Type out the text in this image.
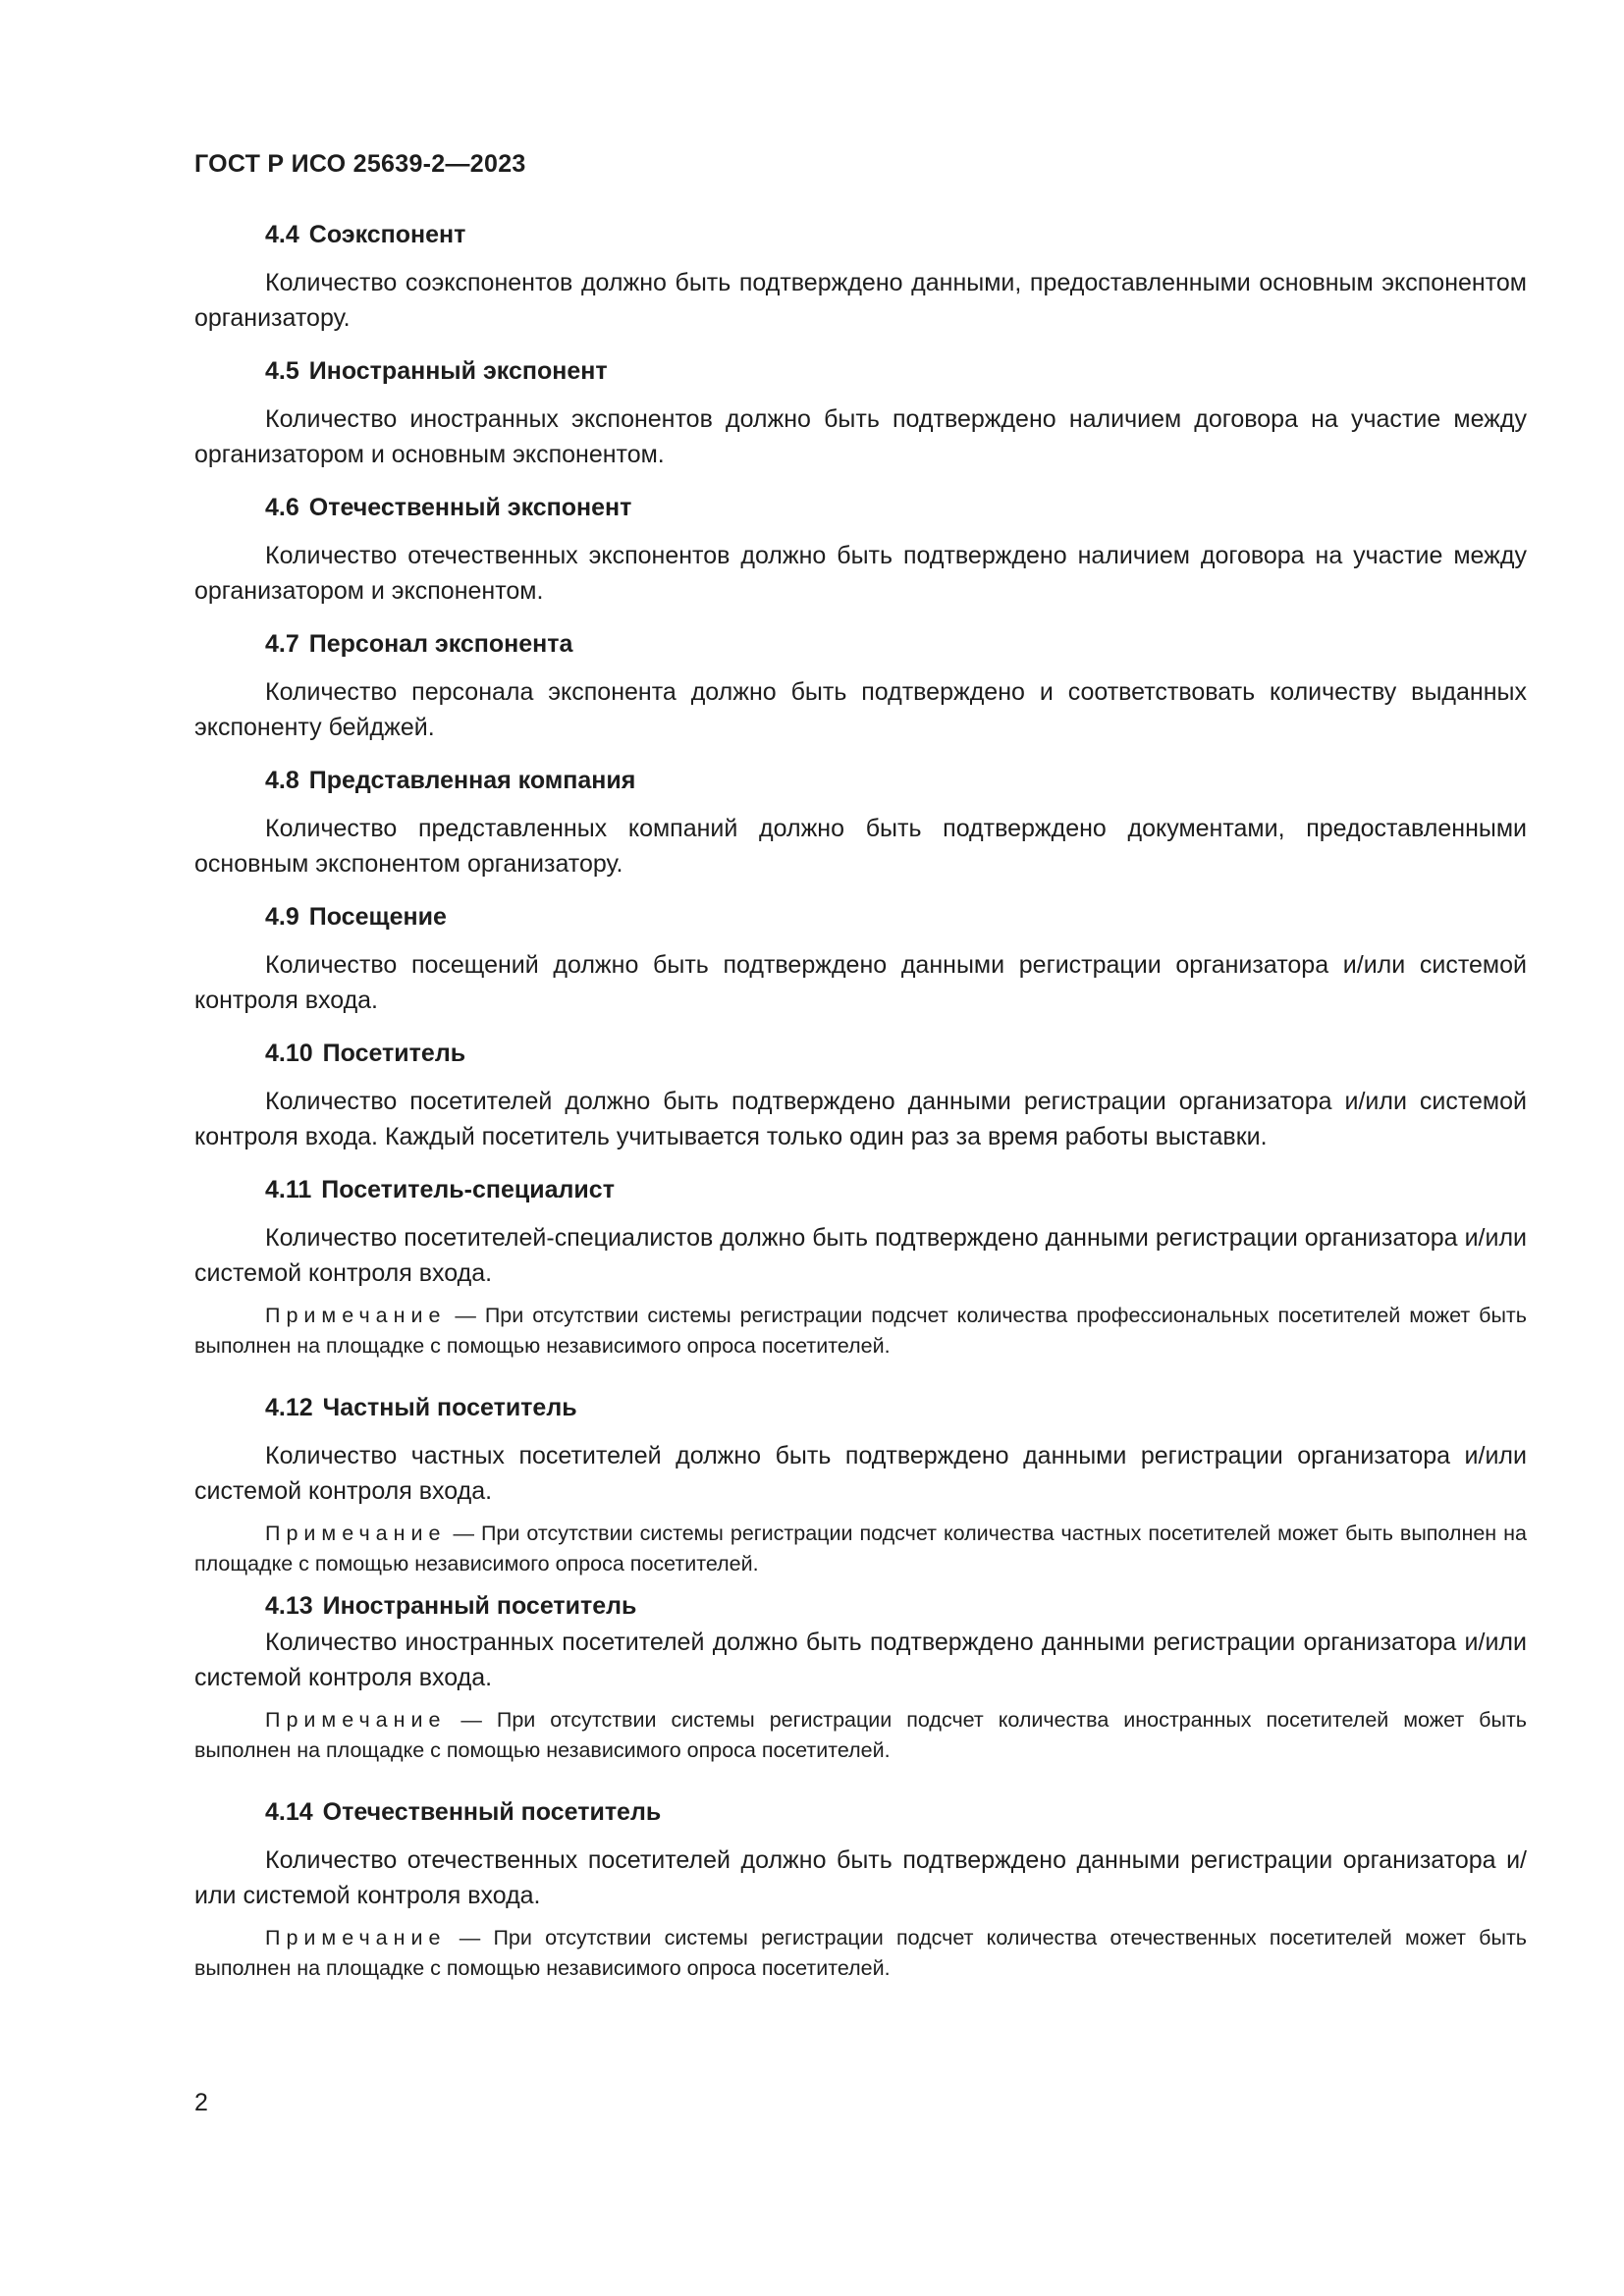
ГОСТ Р ИСО 25639-2—2023
4.4 Соэкспонент

Количество соэкспонентов должно быть подтверждено данными, предоставленными основным экспонентом организатору.

4.5 Иностранный экспонент

Количество иностранных экспонентов должно быть подтверждено наличием договора на участие между организатором и основным экспонентом.

4.6 Отечественный экспонент

Количество отечественных экспонентов должно быть подтверждено наличием договора на участие между организатором и экспонентом.

4.7 Персонал экспонента

Количество персонала экспонента должно быть подтверждено и соответствовать количеству выданных экспоненту бейджей.

4.8 Представленная компания

Количество представленных компаний должно быть подтверждено документами, предоставленными основным экспонентом организатору.

4.9 Посещение

Количество посещений должно быть подтверждено данными регистрации организатора и/или системой контроля входа.

4.10 Посетитель

Количество посетителей должно быть подтверждено данными регистрации организатора и/или системой контроля входа. Каждый посетитель учитывается только один раз за время работы выставки.

4.11 Посетитель-специалист

Количество посетителей-специалистов должно быть подтверждено данными регистрации организатора и/или системой контроля входа.

Примечание — При отсутствии системы регистрации подсчет количества профессиональных посетителей может быть выполнен на площадке с помощью независимого опроса посетителей.

4.12 Частный посетитель

Количество частных посетителей должно быть подтверждено данными регистрации организатора и/или системой контроля входа.

Примечание — При отсутствии системы регистрации подсчет количества частных посетителей может быть выполнен на площадке с помощью независимого опроса посетителей.

4.13 Иностранный посетитель

Количество иностранных посетителей должно быть подтверждено данными регистрации организатора и/или системой контроля входа.

Примечание — При отсутствии системы регистрации подсчет количества иностранных посетителей может быть выполнен на площадке с помощью независимого опроса посетителей.

4.14 Отечественный посетитель

Количество отечественных посетителей должно быть подтверждено данными регистрации организатора и/или системой контроля входа.

Примечание — При отсутствии системы регистрации подсчет количества отечественных посетителей может быть выполнен на площадке с помощью независимого опроса посетителей.

2
